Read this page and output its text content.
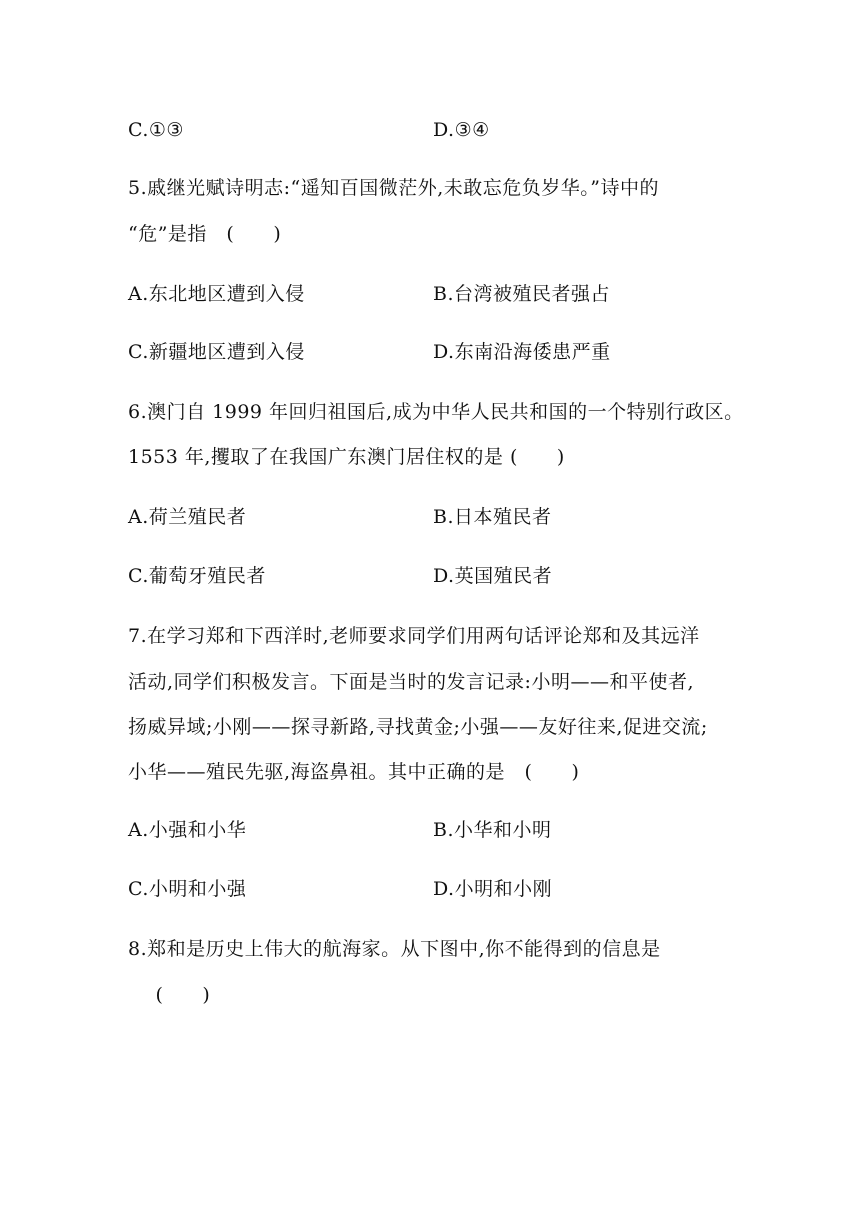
C.①③	D.③④
5.戚继光赋诗明志:“遥知百国微茫外,未敢忘危负岁华。”诗中的
“危”是指　(　　)
A.东北地区遭到入侵	B.台湾被殖民者强占
C.新疆地区遭到入侵	D.东南沿海倭患严重
6.澳门自 1999 年回归祖国后,成为中华人民共和国的一个特别行政区。
1553 年,攫取了在我国广东澳门居住权的是 (　　)
A.荷兰殖民者	B.日本殖民者
C.葡萄牙殖民者	D.英国殖民者
7.在学习郑和下西洋时,老师要求同学们用两句话评论郑和及其远洋
活动,同学们积极发言。下面是当时的发言记录:小明——和平使者,
扬威异域;小刚——探寻新路,寻找黄金;小强——友好往来,促进交流;
小华——殖民先驱,海盗鼻祖。其中正确的是　(　　)
A.小强和小华	B.小华和小明
C.小明和小强	D.小明和小刚
8.郑和是历史上伟大的航海家。从下图中,你不能得到的信息是
　(　　)
